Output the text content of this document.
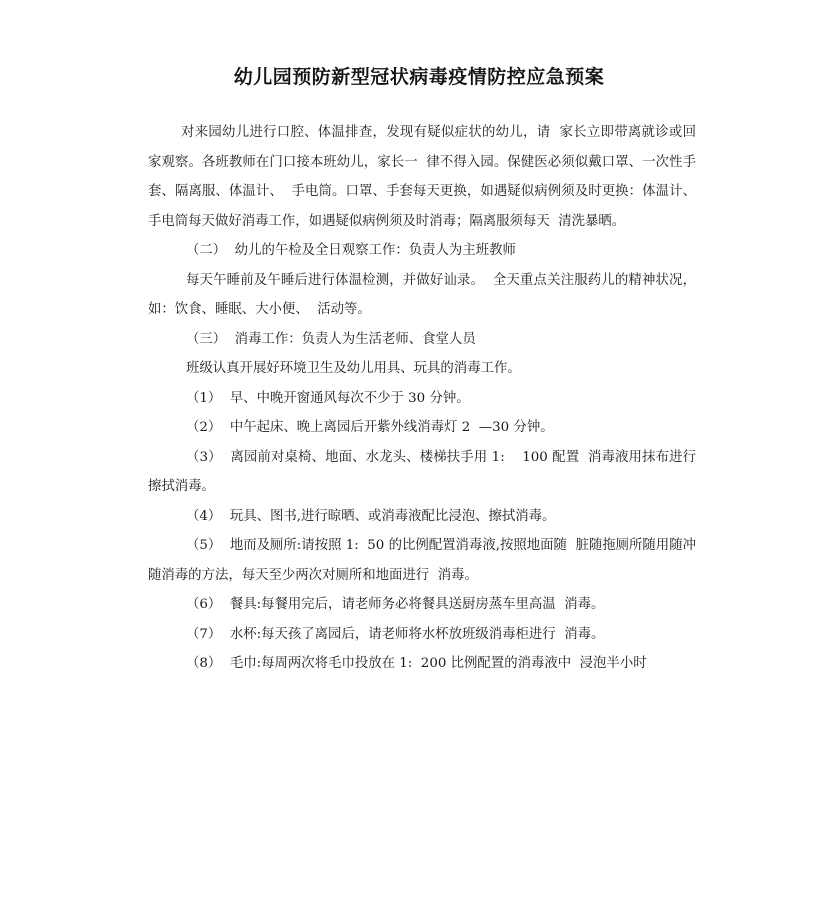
幼儿园预防新型冠状病毒疫情防控应急预案

对来园幼儿进行口腔、体温排查，发现有疑似症状的幼儿，请  家长立即带离就诊或回家观察。各班教师在门口接本班幼儿，家长一  律不得入园。保健医必须似戴口罩、一次性手套、隔离服、体温计、  手电筒。口罩、手套每天更换，如遇疑似病例须及时更换：体温计、  手电筒每天做好消毒工作，如遇疑似病例须及时消毒；隔离服须每天  清洗暴晒。

（二）  幼儿的午检及全日观察工作：负责人为主班教师

每天午睡前及午睡后进行体温检测，并做好讪录。  全天重点关注服药儿的精神状况，如：饮食、睡眠、大小便、  活动等。

（三）  消毒工作：负责人为生活老师、食堂人员

班级认真开展好环境卫生及幼儿用具、玩具的消毒工作。

（1）  早、中晚开窗通风每次不少于 30 分钟。

（2）  中午起床、晚上离园后开紫外线消毒灯 2  —30 分钟。

（3）  离园前对桌椅、地面、水龙头、楼梯扶手用 1:    100 配置  消毒液用抹布进行擦拭消毒。

（4）  玩具、图书,进行晾晒、或消毒液配比浸泡、擦拭消毒。

（5）  地而及厕所:请按照 1:  50 的比例配置消毒液,按照地面随  脏随拖厕所随用随冲随消毒的方法，每天至少两次对厕所和地面进行  消毒。

（6）  餐具:每餐用完后，请老师务必将餐具送厨房蒸车里高温  消毒。

（7）  水杯:每天孩了离园后，请老师将水杯放班级消毒柜进行  消毒。

（8）  毛巾:每周两次将毛巾投放在 1:  200 比例配置的消毒液中  浸泡半小时
